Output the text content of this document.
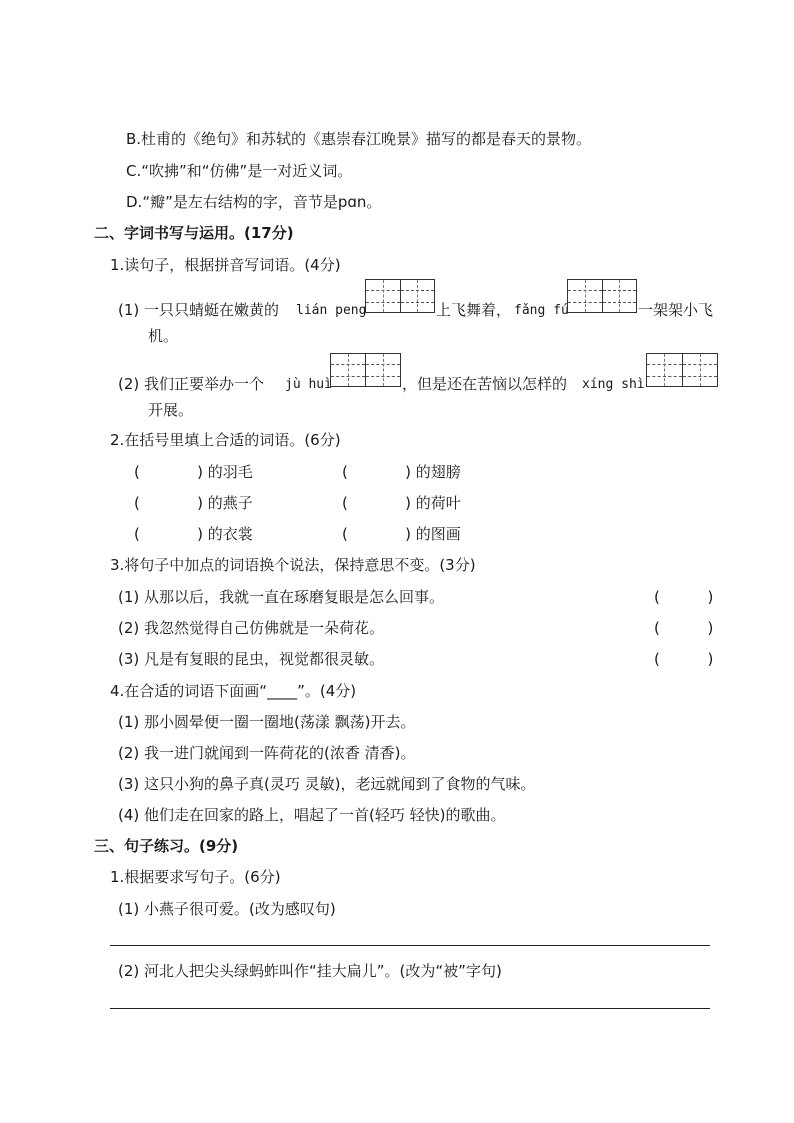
B.杜甫的《绝句》和苏轼的《惠崇春江晚景》描写的都是春天的景物。
C.“吹拂”和“仿佛”是一对近义词。
D.“瓣”是左右结构的字，音节是pɑn。
二、字词书写与运用。(17分)
1.读句子，根据拼音写词语。(4分)
(1) 一只只蜻蜓在嫩黄的 lián peng	上飞舞着， fǎng fú	一架架小飞
机。
(2) 我们正要举办一个 jù huì	，但是还在苦恼以怎样的 xíng shì
开展。
2.在括号里填上合适的词语。(6分)
(            ) 的羽毛	(            ) 的翅膀
(            ) 的燕子	(            ) 的荷叶
(            ) 的衣裳	(            ) 的图画
3.将句子中加点的词语换个说法，保持意思不变。(3分)
(1) 从那以后，我就一直在琢磨复眼是怎么回事。	(          )
(2) 我忽然觉得自己仿佛就是一朵荷花。	(          )
(3) 凡是有复眼的昆虫，视觉都很灵敏。	(          )
4.在合适的词语下面画“____”。(4分)
(1) 那小圆晕便一圈一圈地(荡漾 飘荡)开去。
(2) 我一进门就闻到一阵荷花的(浓香 清香)。
(3) 这只小狗的鼻子真(灵巧 灵敏)，老远就闻到了食物的气味。
(4) 他们走在回家的路上，唱起了一首(轻巧 轻快)的歌曲。
三、句子练习。(9分)
1.根据要求写句子。(6分)
(1) 小燕子很可爱。(改为感叹句)
(2) 河北人把尖头绿蚂蚱叫作“挂大扁儿”。(改为“被”字句)
